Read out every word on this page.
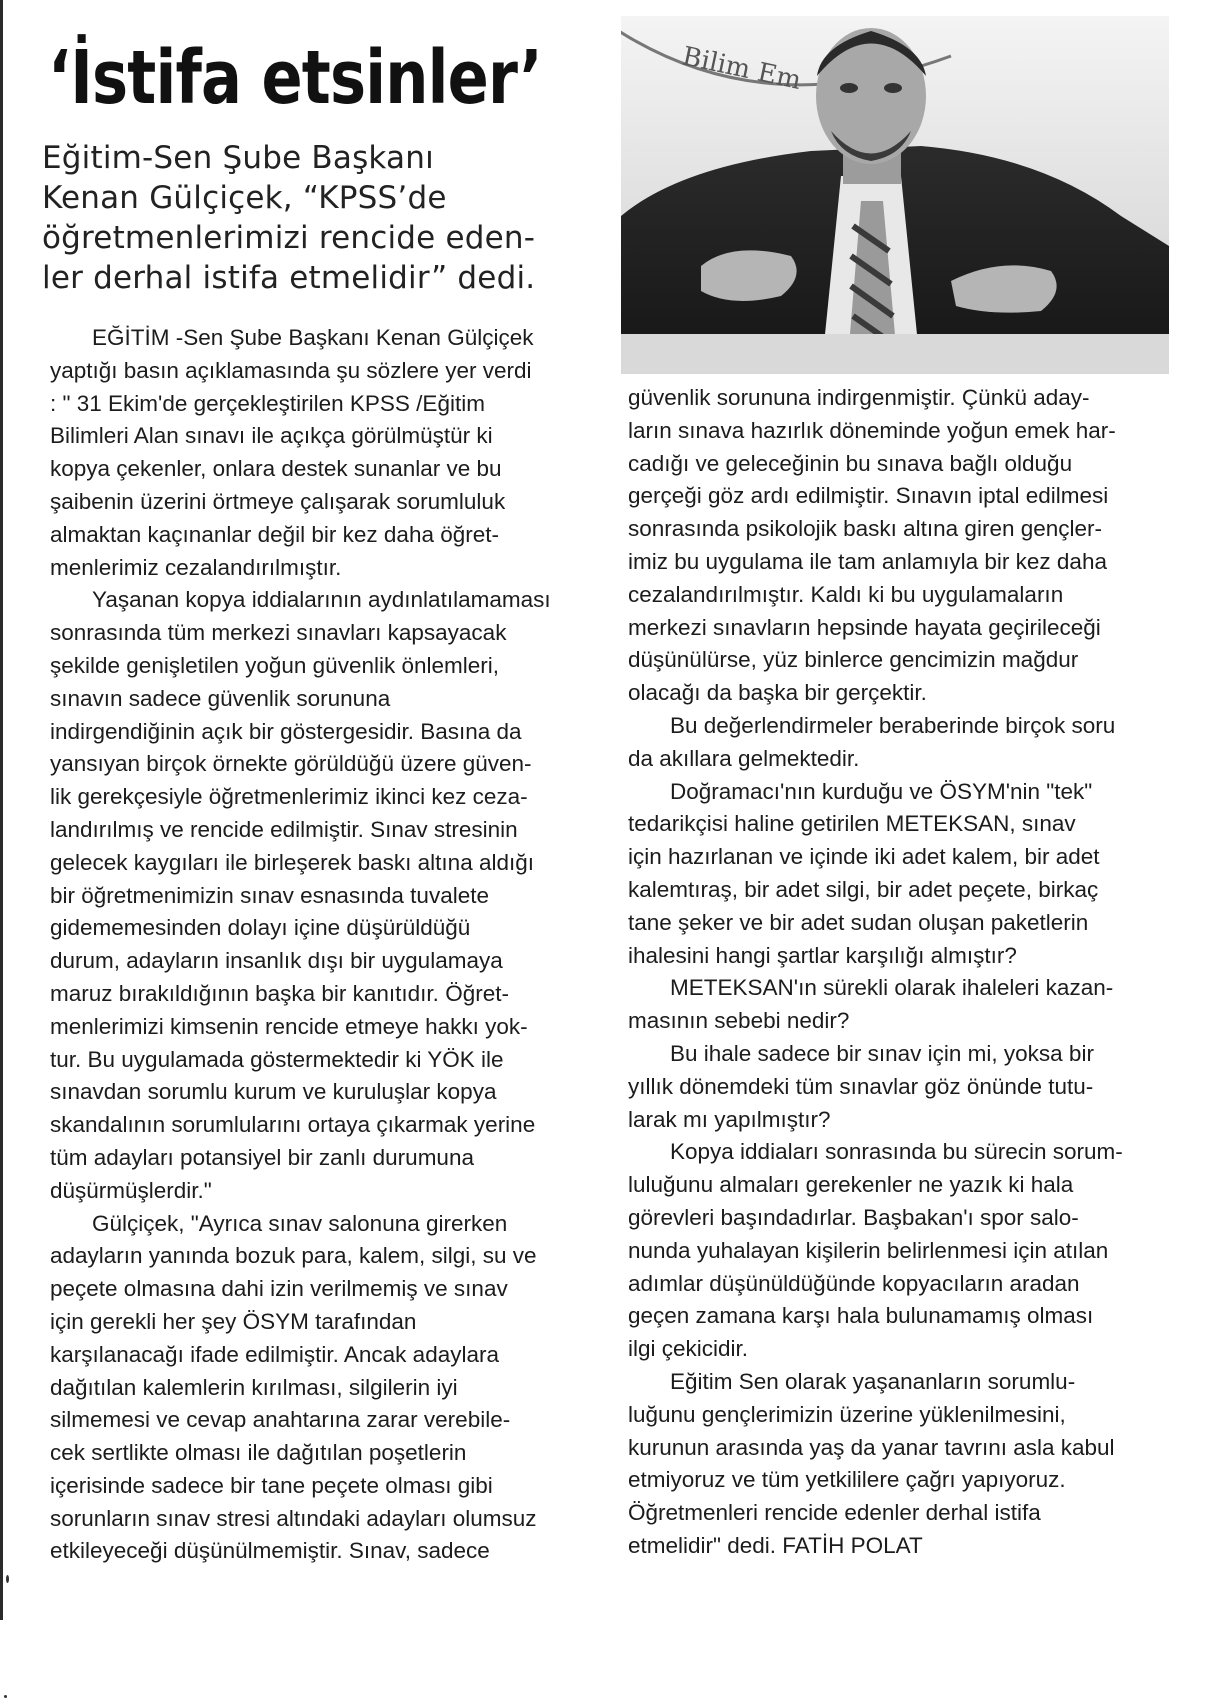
‘İstifa etsinler’
Eğitim-Sen Şube Başkanı
Kenan Gülçiçek, “KPSS’de
öğretmenlerimizi rencide eden-
ler derhal istifa etmelidir” dedi.
Bilim Em
EĞİTİM -Sen Şube Başkanı Kenan Gülçiçek
yaptığı basın açıklamasında şu sözlere yer verdi
: " 31 Ekim'de gerçekleştirilen KPSS /Eğitim
Bilimleri Alan sınavı ile açıkça görülmüştür ki
kopya çekenler, onlara destek sunanlar ve bu
şaibenin üzerini örtmeye çalışarak sorumluluk
almaktan kaçınanlar değil bir kez daha öğret-
menlerimiz cezalandırılmıştır.
Yaşanan kopya iddialarının aydınlatılamaması
sonrasında tüm merkezi sınavları kapsayacak
şekilde genişletilen yoğun güvenlik önlemleri,
sınavın sadece güvenlik sorununa
indirgendiğinin açık bir göstergesidir. Basına da
yansıyan birçok örnekte görüldüğü üzere güven-
lik gerekçesiyle öğretmenlerimiz ikinci kez ceza-
landırılmış ve rencide edilmiştir. Sınav stresinin
gelecek kaygıları ile birleşerek baskı altına aldığı
bir öğretmenimizin sınav esnasında tuvalete
gidememesinden dolayı içine düşürüldüğü
durum, adayların insanlık dışı bir uygulamaya
maruz bırakıldığının başka bir kanıtıdır. Öğret-
menlerimizi kimsenin rencide etmeye hakkı yok-
tur. Bu uygulamada göstermektedir ki YÖK ile
sınavdan sorumlu kurum ve kuruluşlar kopya
skandalının sorumlularını ortaya çıkarmak yerine
tüm adayları potansiyel bir zanlı durumuna
düşürmüşlerdir."
Gülçiçek, "Ayrıca sınav salonuna girerken
adayların yanında bozuk para, kalem, silgi, su ve
peçete olmasına dahi izin verilmemiş ve sınav
için gerekli her şey ÖSYM tarafından
karşılanacağı ifade edilmiştir. Ancak adaylara
dağıtılan kalemlerin kırılması, silgilerin iyi
silmemesi ve cevap anahtarına zarar verebile-
cek sertlikte olması ile dağıtılan poşetlerin
içerisinde sadece bir tane peçete olması gibi
sorunların sınav stresi altındaki adayları olumsuz
etkileyeceği düşünülmemiştir. Sınav, sadece
güvenlik sorununa indirgenmiştir. Çünkü aday-
ların sınava hazırlık döneminde yoğun emek har-
cadığı ve geleceğinin bu sınava bağlı olduğu
gerçeği göz ardı edilmiştir. Sınavın iptal edilmesi
sonrasında psikolojik baskı altına giren gençler-
imiz bu uygulama ile tam anlamıyla bir kez daha
cezalandırılmıştır. Kaldı ki bu uygulamaların
merkezi sınavların hepsinde hayata geçirileceği
düşünülürse, yüz binlerce gencimizin mağdur
olacağı da başka bir gerçektir.
Bu değerlendirmeler beraberinde birçok soru
da akıllara gelmektedir.
Doğramacı'nın kurduğu ve ÖSYM'nin "tek"
tedarikçisi haline getirilen METEKSAN, sınav
için hazırlanan ve içinde iki adet kalem, bir adet
kalemtıraş, bir adet silgi, bir adet peçete, birkaç
tane şeker ve bir adet sudan oluşan paketlerin
ihalesini hangi şartlar karşılığı almıştır?
METEKSAN'ın sürekli olarak ihaleleri kazan-
masının sebebi nedir?
Bu ihale sadece bir sınav için mi, yoksa bir
yıllık dönemdeki tüm sınavlar göz önünde tutu-
larak mı yapılmıştır?
Kopya iddiaları sonrasında bu sürecin sorum-
luluğunu almaları gerekenler ne yazık ki hala
görevleri başındadırlar. Başbakan'ı spor salo-
nunda yuhalayan kişilerin belirlenmesi için atılan
adımlar düşünüldüğünde kopyacıların aradan
geçen zamana karşı hala bulunamamış olması
ilgi çekicidir.
Eğitim Sen olarak yaşananların sorumlu-
luğunu gençlerimizin üzerine yüklenilmesini,
kurunun arasında yaş da yanar tavrını asla kabul
etmiyoruz ve tüm yetkililere çağrı yapıyoruz.
Öğretmenleri rencide edenler derhal istifa
etmelidir" dedi. FATİH POLAT
